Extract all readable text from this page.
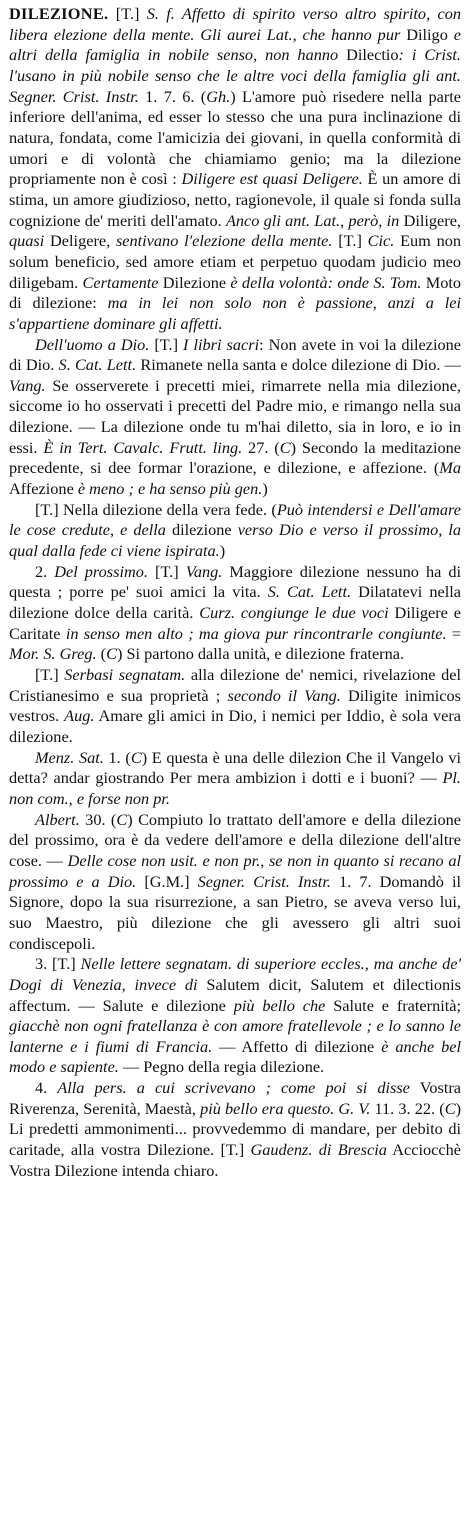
DILEZIONE. [T.] S. f. Affetto di spirito verso altro spirito, con libera elezione della mente. Gli aurei Lat., che hanno pur Diligo e altri della famiglia in nobile senso, non hanno Dilectio: i Crist. l'usano in più nobile senso che le altre voci della famiglia gli ant. Segner. Crist. Instr. 1. 7. 6. (Gh.) L'amore può risedere nella parte inferiore dell'anima, ed esser lo stesso che una pura inclinazione di natura, fondata, come l'amicizia dei giovani, in quella conformità di umori e di volontà che chiamiamo genio; ma la dilezione propriamente non è così : Diligere est quasi Deligere. È un amore di stima, un amore giudizioso, netto, ragionevole, il quale si fonda sulla cognizione de' meriti dell'amato. Anco gli ant. Lat., però, in Diligere, quasi Deligere, sentivano l'elezione della mente. [T.] Cic. Eum non solum beneficio, sed amore etiam et perpetuo quodam judicio meo diligebam. Certamente Dilezione è della volontà: onde S. Tom. Moto di dilezione: ma in lei non solo non è passione, anzi a lei s'appartiene dominare gli affetti.

Dell'uomo a Dio. [T.] I libri sacri: Non avete in voi la dilezione di Dio. S. Cat. Lett. Rimanete nella santa e dolce dilezione di Dio. — Vang. Se osserverete i precetti miei, rimarrete nella mia dilezione, siccome io ho osservati i precetti del Padre mio, e rimango nella sua dilezione. — La dilezione onde tu m'hai diletto, sia in loro, e io in essi. È in Tert. Cavalc. Frutt. ling. 27. (C) Secondo la meditazione precedente, si dee formar l'orazione, e dilezione, e affezione. (Ma Affezione è meno ; e ha senso più gen.)

[T.] Nella dilezione della vera fede. (Può intendersi e Dell'amare le cose credute, e della dilezione verso Dio e verso il prossimo, la qual dalla fede ci viene ispirata.)

2. Del prossimo. [T.] Vang. Maggiore dilezione nessuno ha di questa ; porre pe' suoi amici la vita. S. Cat. Lett. Dilatatevi nella dilezione dolce della carità. Curz. congiunge le due voci Diligere e Caritate in senso men alto ; ma giova pur rincontrarle congiunte. = Mor. S. Greg. (C) Si partono dalla unità, e dilezione fraterna.

[T.] Serbasi segnatam. alla dilezione de' nemici, rivelazione del Cristianesimo e sua proprietà ; secondo il Vang. Diligite inimicos vestros. Aug. Amare gli amici in Dio, i nemici per Iddio, è sola vera dilezione.

Menz. Sat. 1. (C) E questa è una delle dilezion Che il Vangelo vi detta? andar giostrando Per mera ambizion i dotti e i buoni? — Pl. non com., e forse non pr.

Albert. 30. (C) Compiuto lo trattato dell'amore e della dilezione del prossimo, ora è da vedere dell'amore e della dilezione dell'altre cose. — Delle cose non usit. e non pr., se non in quanto si recano al prossimo e a Dio. [G.M.] Segner. Crist. Instr. 1. 7. Domandò il Signore, dopo la sua risurrezione, a san Pietro, se aveva verso lui, suo Maestro, più dilezione che gli avessero gli altri suoi condiscepoli.

3. [T.] Nelle lettere segnatam. di superiore eccles., ma anche de' Dogi di Venezia, invece di Salutem dicit, Salutem et dilectionis affectum. — Salute e dilezione più bello che Salute e fraternità; giacchè non ogni fratellanza è con amore fratellevole ; e lo sanno le lanterne e i fiumi di Francia. — Affetto di dilezione è anche bel modo e sapiente. — Pegno della regia dilezione.

4. Alla pers. a cui scrivevano ; come poi si disse Vostra Riverenza, Serenità, Maestà, più bello era questo. G. V. 11. 3. 22. (C) Li predetti ammonimenti... provvedemmo di mandare, per debito di caritade, alla vostra Dilezione. [T.] Gaudenz. di Brescia Acciocchè Vostra Dilezione intenda chiaro.
